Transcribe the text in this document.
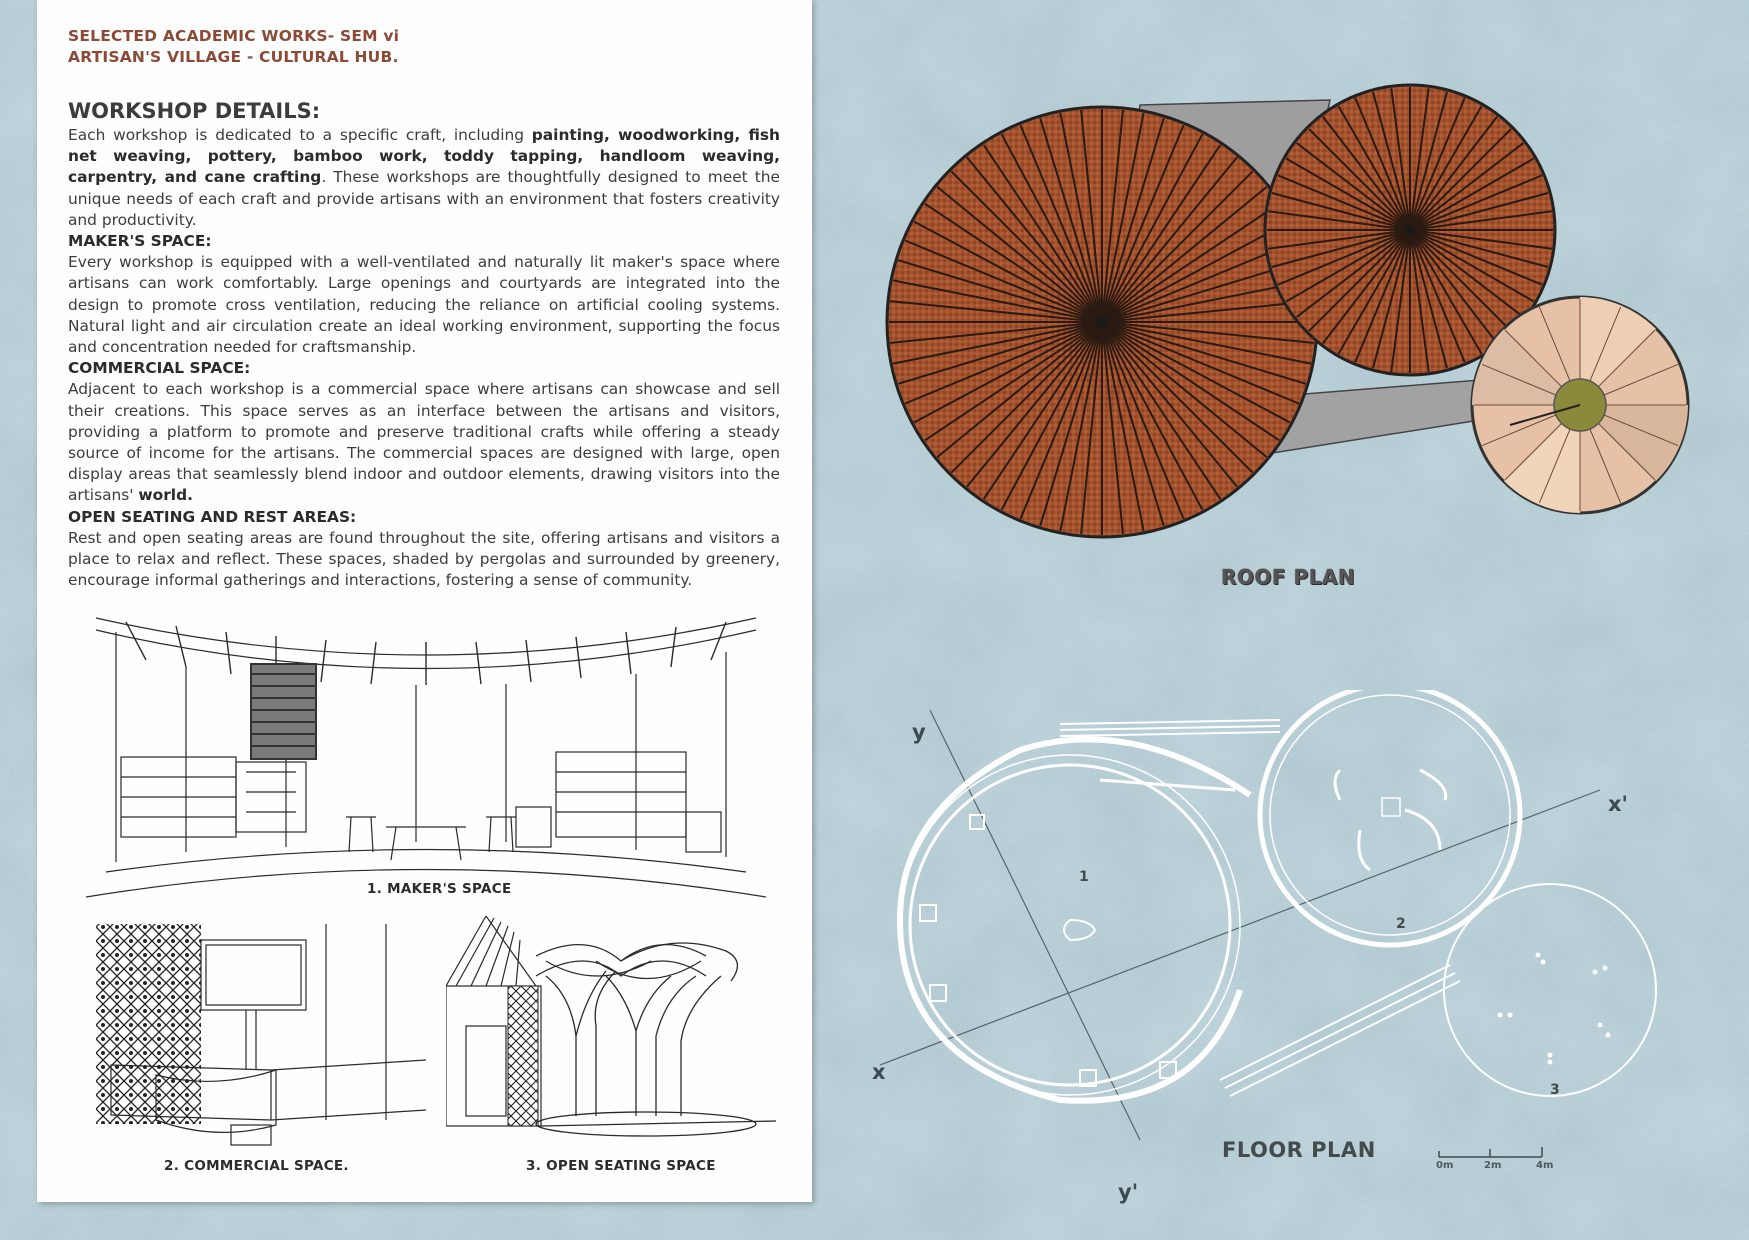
SELECTED ACADEMIC WORKS- SEM vi
ARTISAN'S VILLAGE - CULTURAL HUB.
WORKSHOP DETAILS:

Each workshop is dedicated to a specific craft, including painting, woodworking, fish net weaving, pottery, bamboo work, toddy tapping, handloom weaving, carpentry, and cane crafting. These workshops are thoughtfully designed to meet the unique needs of each craft and provide artisans with an environment that fosters creativity and productivity.

MAKER'S SPACE:

Every workshop is equipped with a well-ventilated and naturally lit maker's space where artisans can work comfortably. Large openings and courtyards are integrated into the design to promote cross ventilation, reducing the reliance on artificial cooling systems. Natural light and air circulation create an ideal working environment, supporting the focus and concentration needed for craftsmanship.

COMMERCIAL SPACE:

Adjacent to each workshop is a commercial space where artisans can showcase and sell their creations. This space serves as an interface between the artisans and visitors, providing a platform to promote and preserve traditional crafts while offering a steady source of income for the artisans. The commercial spaces are designed with large, open display areas that seamlessly blend indoor and outdoor elements, drawing visitors into the artisans' world.

OPEN SEATING AND REST AREAS:

Rest and open seating areas are found throughout the site, offering artisans and visitors a place to relax and reflect. These spaces, shaded by pergolas and surrounded by greenery, encourage informal gatherings and interactions, fostering a sense of community.

1. MAKER'S SPACE
2. COMMERCIAL SPACE.	3. OPEN SEATING SPACE
ROOF PLAN
y
y'
x
x'
1
2
3
FLOOR PLAN
0m	2m	4m
